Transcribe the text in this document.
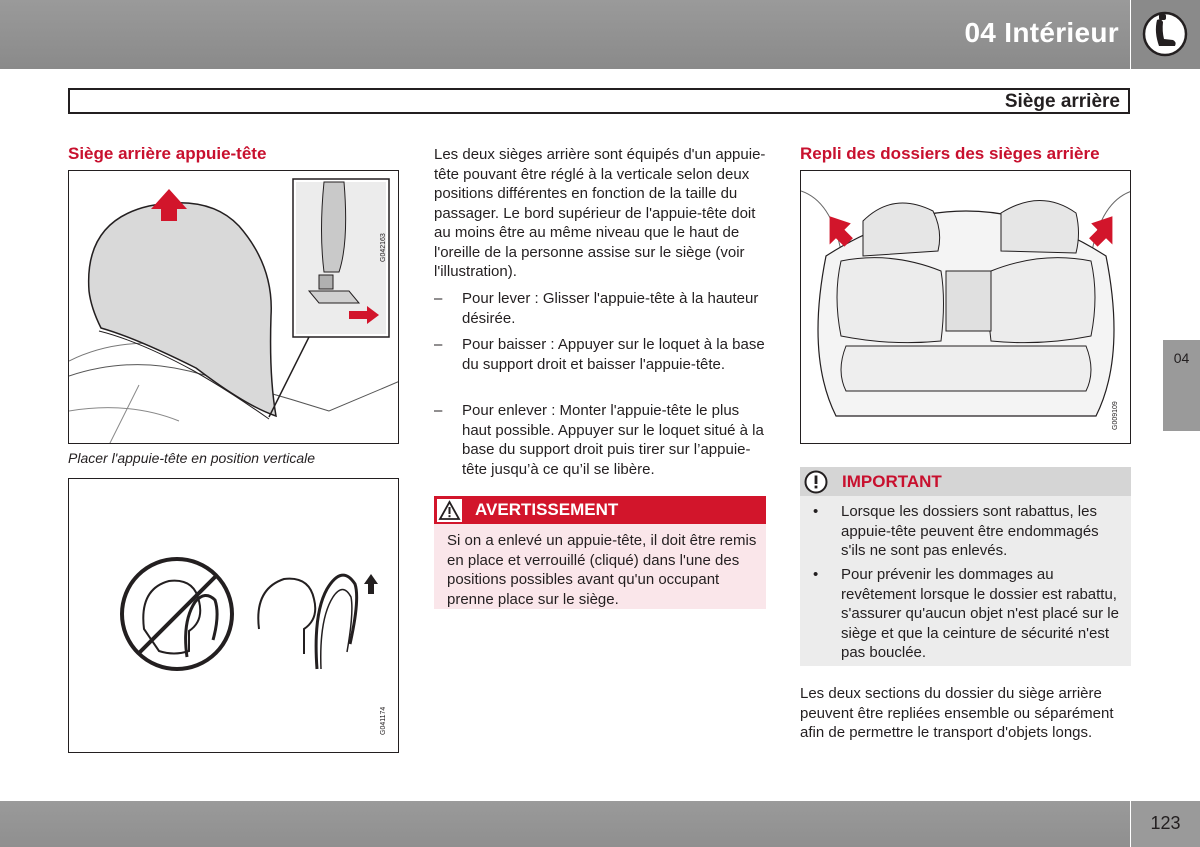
04 Intérieur
Siège arrière
Siège arrière appuie-tête
G042163
Placer l'appuie-tête en position verticale
G041174
Les deux sièges arrière sont équipés d'un appuie-tête pouvant être réglé à la verticale selon deux positions différentes en fonction de la taille du passager. Le bord supérieur de l'appuie-tête doit au moins être au même niveau que le haut de l'oreille de la personne assise sur le siège (voir l'illustration).
– Pour lever : Glisser l'appuie-tête à la hauteur désirée.
– Pour baisser : Appuyer sur le loquet à la base du support droit et baisser l'appuie-tête.
– Pour enlever : Monter l'appuie-tête le plus haut possible. Appuyer sur le loquet situé à la base du support droit puis tirer sur l’appuie-tête jusqu’à ce qu’il se libère.
AVERTISSEMENT
Si on a enlevé un appuie-tête, il doit être remis en place et verrouillé (cliqué) dans l'une des positions possibles avant qu'un occupant prenne place sur le siège.
Repli des dossiers des sièges arrière
G009109
IMPORTANT
• Lorsque les dossiers sont rabattus, les appuie-tête peuvent être endommagés s'ils ne sont pas enlevés.
• Pour prévenir les dommages au revêtement lorsque le dossier est rabattu, s'assurer qu'aucun objet n'est placé sur le siège et que la ceinture de sécurité n'est pas bouclée.
Les deux sections du dossier du siège arrière peuvent être repliées ensemble ou séparément afin de permettre le transport d'objets longs.
04
123
